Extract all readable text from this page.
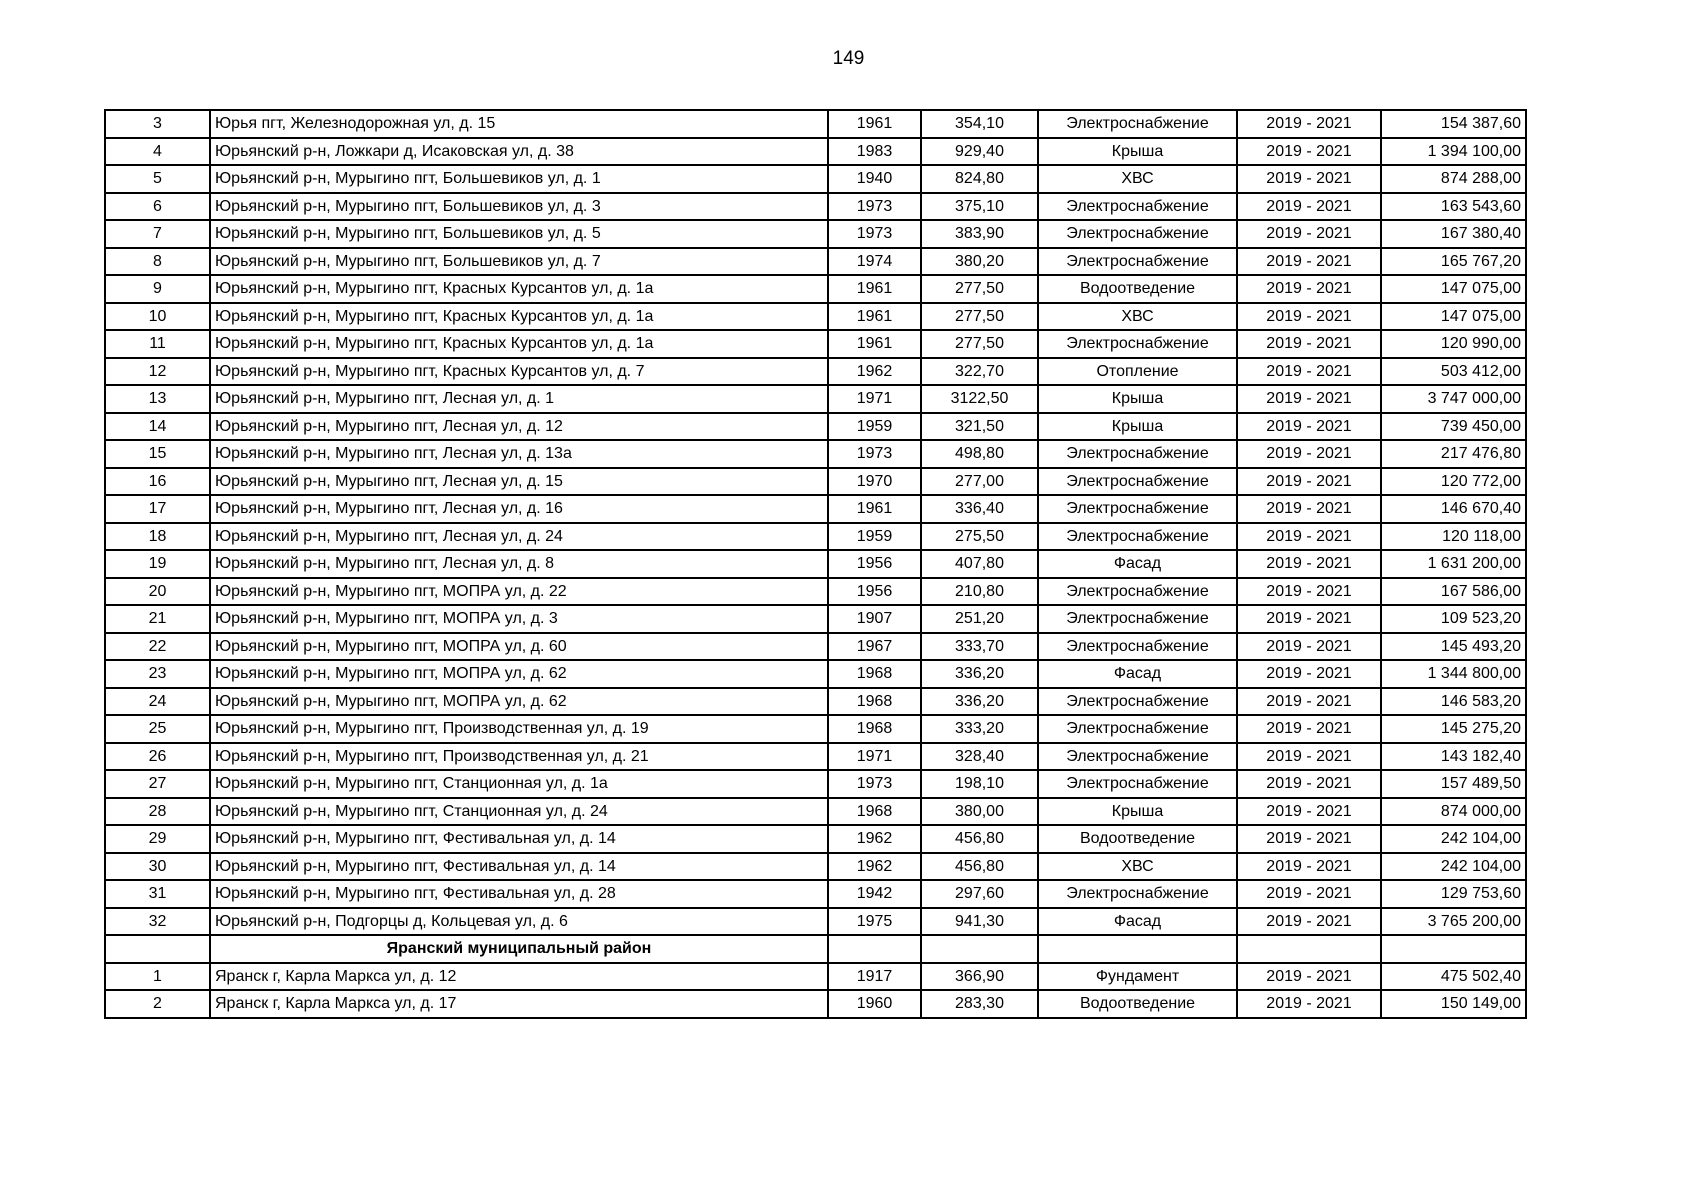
149
3	Юрья пгт, Железнодорожная ул, д. 15	1961	354,10	Электроснабжение	2019 - 2021	154 387,60
4	Юрьянский р-н, Ложкари д, Исаковская ул, д. 38	1983	929,40	Крыша	2019 - 2021	1 394 100,00
5	Юрьянский р-н, Мурыгино пгт, Большевиков ул, д. 1	1940	824,80	ХВС	2019 - 2021	874 288,00
6	Юрьянский р-н, Мурыгино пгт, Большевиков ул, д. 3	1973	375,10	Электроснабжение	2019 - 2021	163 543,60
7	Юрьянский р-н, Мурыгино пгт, Большевиков ул, д. 5	1973	383,90	Электроснабжение	2019 - 2021	167 380,40
8	Юрьянский р-н, Мурыгино пгт, Большевиков ул, д. 7	1974	380,20	Электроснабжение	2019 - 2021	165 767,20
9	Юрьянский р-н, Мурыгино пгт, Красных Курсантов ул, д. 1а	1961	277,50	Водоотведение	2019 - 2021	147 075,00
10	Юрьянский р-н, Мурыгино пгт, Красных Курсантов ул, д. 1а	1961	277,50	ХВС	2019 - 2021	147 075,00
11	Юрьянский р-н, Мурыгино пгт, Красных Курсантов ул, д. 1а	1961	277,50	Электроснабжение	2019 - 2021	120 990,00
12	Юрьянский р-н, Мурыгино пгт, Красных Курсантов ул, д. 7	1962	322,70	Отопление	2019 - 2021	503 412,00
13	Юрьянский р-н, Мурыгино пгт, Лесная ул, д. 1	1971	3122,50	Крыша	2019 - 2021	3 747 000,00
14	Юрьянский р-н, Мурыгино пгт, Лесная ул, д. 12	1959	321,50	Крыша	2019 - 2021	739 450,00
15	Юрьянский р-н, Мурыгино пгт, Лесная ул, д. 13а	1973	498,80	Электроснабжение	2019 - 2021	217 476,80
16	Юрьянский р-н, Мурыгино пгт, Лесная ул, д. 15	1970	277,00	Электроснабжение	2019 - 2021	120 772,00
17	Юрьянский р-н, Мурыгино пгт, Лесная ул, д. 16	1961	336,40	Электроснабжение	2019 - 2021	146 670,40
18	Юрьянский р-н, Мурыгино пгт, Лесная ул, д. 24	1959	275,50	Электроснабжение	2019 - 2021	120 118,00
19	Юрьянский р-н, Мурыгино пгт, Лесная ул, д. 8	1956	407,80	Фасад	2019 - 2021	1 631 200,00
20	Юрьянский р-н, Мурыгино пгт, МОПРА ул, д. 22	1956	210,80	Электроснабжение	2019 - 2021	167 586,00
21	Юрьянский р-н, Мурыгино пгт, МОПРА ул, д. 3	1907	251,20	Электроснабжение	2019 - 2021	109 523,20
22	Юрьянский р-н, Мурыгино пгт, МОПРА ул, д. 60	1967	333,70	Электроснабжение	2019 - 2021	145 493,20
23	Юрьянский р-н, Мурыгино пгт, МОПРА ул, д. 62	1968	336,20	Фасад	2019 - 2021	1 344 800,00
24	Юрьянский р-н, Мурыгино пгт, МОПРА ул, д. 62	1968	336,20	Электроснабжение	2019 - 2021	146 583,20
25	Юрьянский р-н, Мурыгино пгт, Производственная ул, д. 19	1968	333,20	Электроснабжение	2019 - 2021	145 275,20
26	Юрьянский р-н, Мурыгино пгт, Производственная ул, д. 21	1971	328,40	Электроснабжение	2019 - 2021	143 182,40
27	Юрьянский р-н, Мурыгино пгт, Станционная ул, д. 1а	1973	198,10	Электроснабжение	2019 - 2021	157 489,50
28	Юрьянский р-н, Мурыгино пгт, Станционная ул, д. 24	1968	380,00	Крыша	2019 - 2021	874 000,00
29	Юрьянский р-н, Мурыгино пгт, Фестивальная ул, д. 14	1962	456,80	Водоотведение	2019 - 2021	242 104,00
30	Юрьянский р-н, Мурыгино пгт, Фестивальная ул, д. 14	1962	456,80	ХВС	2019 - 2021	242 104,00
31	Юрьянский р-н, Мурыгино пгт, Фестивальная ул, д. 28	1942	297,60	Электроснабжение	2019 - 2021	129 753,60
32	Юрьянский р-н, Подгорцы д, Кольцевая ул, д. 6	1975	941,30	Фасад	2019 - 2021	3 765 200,00
	Яранский муниципальный район					
1	Яранск г, Карла Маркса ул, д. 12	1917	366,90	Фундамент	2019 - 2021	475 502,40
2	Яранск г, Карла Маркса ул, д. 17	1960	283,30	Водоотведение	2019 - 2021	150 149,00
